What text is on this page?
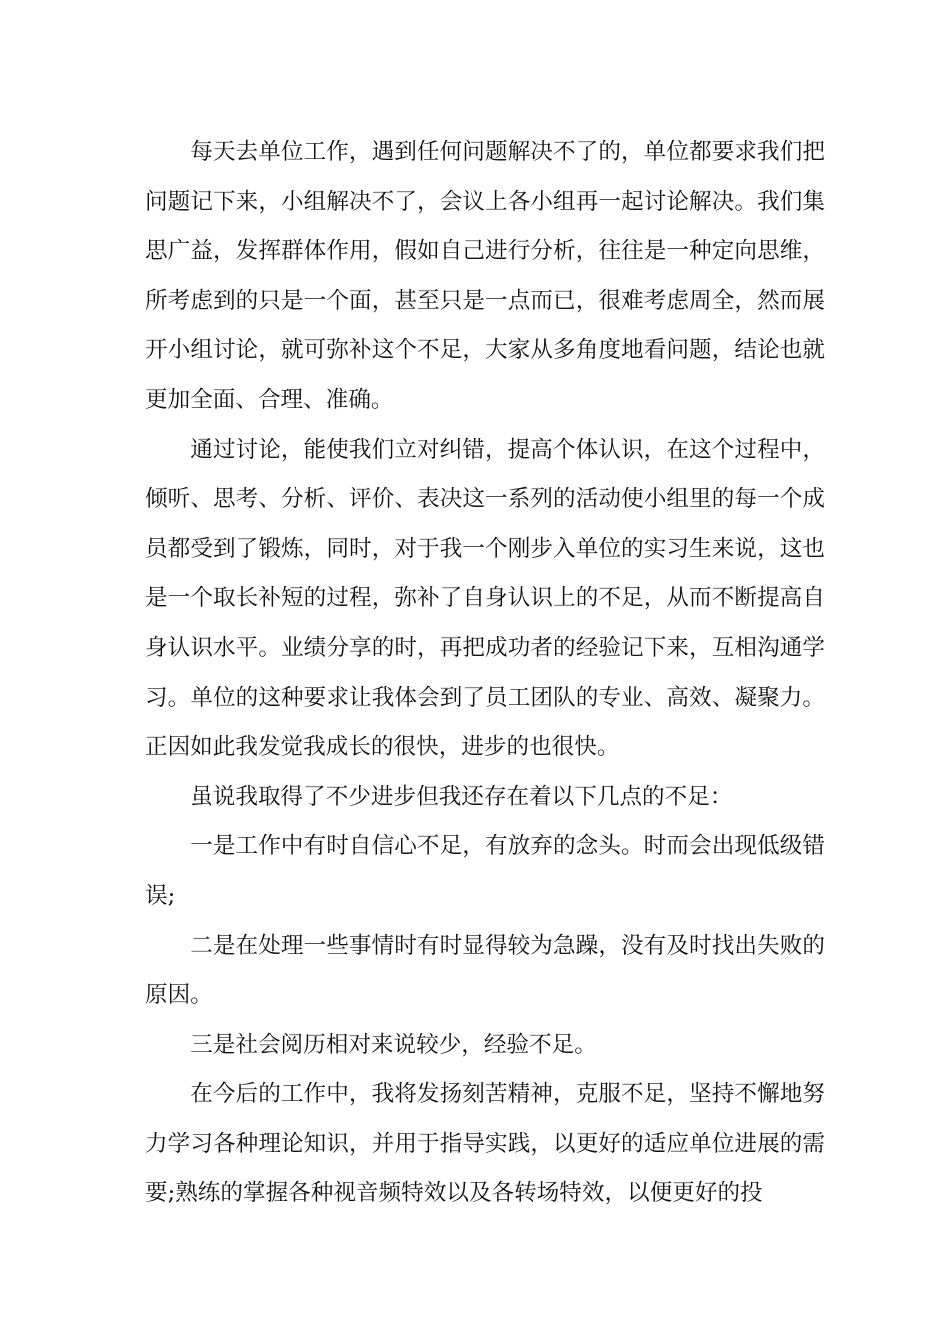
每天去单位工作，遇到任何问题解决不了的，单位都要求我们把问题记下来，小组解决不了，会议上各小组再一起讨论解决。我们集思广益，发挥群体作用，假如自己进行分析，往往是一种定向思维，所考虑到的只是一个面，甚至只是一点而已，很难考虑周全，然而展开小组讨论，就可弥补这个不足，大家从多角度地看问题，结论也就更加全面、合理、准确。

通过讨论，能使我们立对纠错，提高个体认识，在这个过程中，倾听、思考、分析、评价、表决这一系列的活动使小组里的每一个成员都受到了锻炼，同时，对于我一个刚步入单位的实习生来说，这也是一个取长补短的过程，弥补了自身认识上的不足，从而不断提高自身认识水平。业绩分享的时，再把成功者的经验记下来，互相沟通学习。单位的这种要求让我体会到了员工团队的专业、高效、凝聚力。正因如此我发觉我成长的很快，进步的也很快。

虽说我取得了不少进步但我还存在着以下几点的不足：

一是工作中有时自信心不足，有放弃的念头。时而会出现低级错误;

二是在处理一些事情时有时显得较为急躁，没有及时找出失败的原因。

三是社会阅历相对来说较少，经验不足。

在今后的工作中，我将发扬刻苦精神，克服不足，坚持不懈地努力学习各种理论知识，并用于指导实践，以更好的适应单位进展的需要;熟练的掌握各种视音频特效以及各转场特效，以便更好的投
